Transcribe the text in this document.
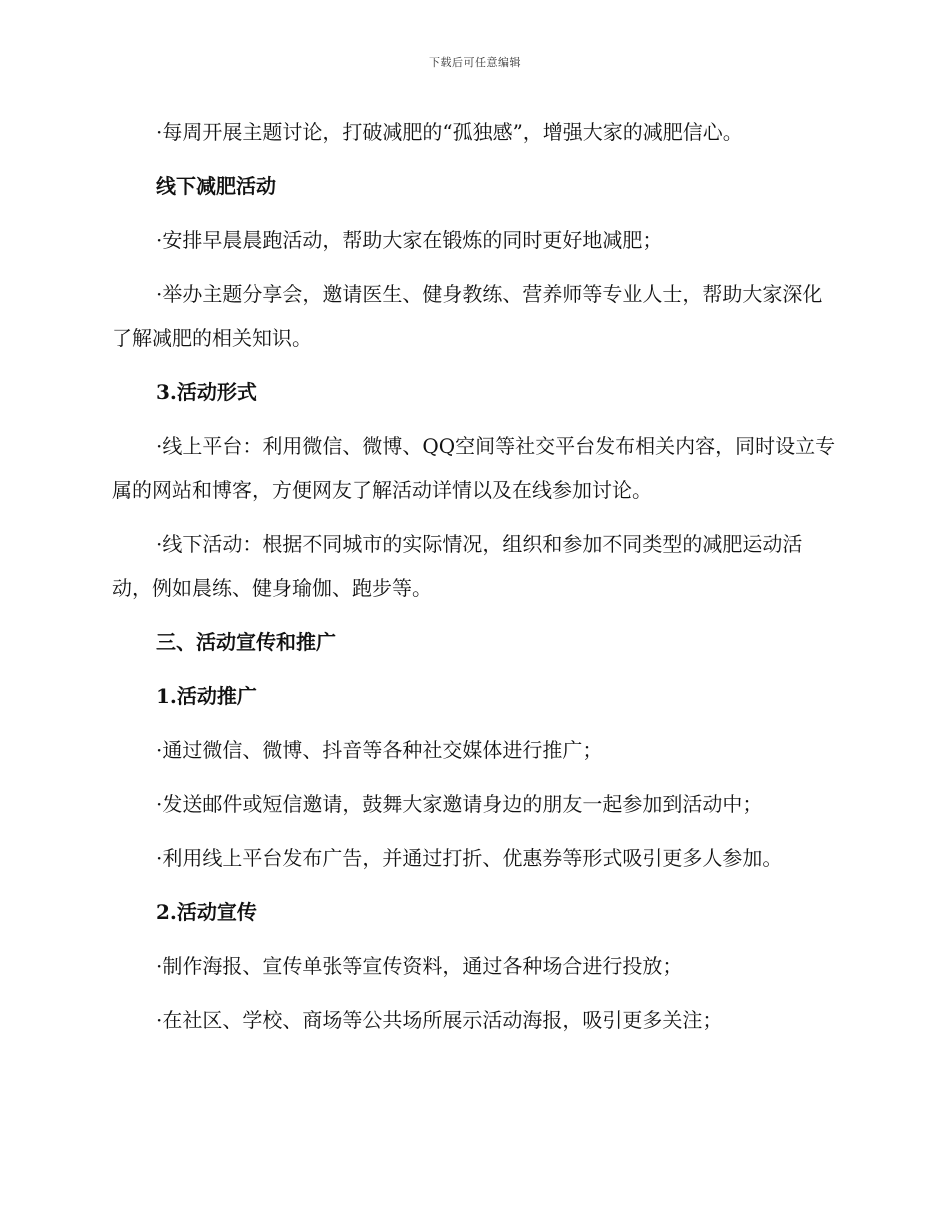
下载后可任意编辑

·每周开展主题讨论，打破减肥的“孤独感”，增强大家的减肥信心。

线下减肥活动

·安排早晨晨跑活动，帮助大家在锻炼的同时更好地减肥；

·举办主题分享会，邀请医生、健身教练、营养师等专业人士，帮助大家深化了解减肥的相关知识。

3.活动形式

·线上平台：利用微信、微博、QQ空间等社交平台发布相关内容，同时设立专属的网站和博客，方便网友了解活动详情以及在线参加讨论。

·线下活动：根据不同城市的实际情况，组织和参加不同类型的减肥运动活动，例如晨练、健身瑜伽、跑步等。

三、活动宣传和推广

1.活动推广

·通过微信、微博、抖音等各种社交媒体进行推广；

·发送邮件或短信邀请，鼓舞大家邀请身边的朋友一起参加到活动中；

·利用线上平台发布广告，并通过打折、优惠券等形式吸引更多人参加。

2.活动宣传

·制作海报、宣传单张等宣传资料，通过各种场合进行投放；

·在社区、学校、商场等公共场所展示活动海报，吸引更多关注；
